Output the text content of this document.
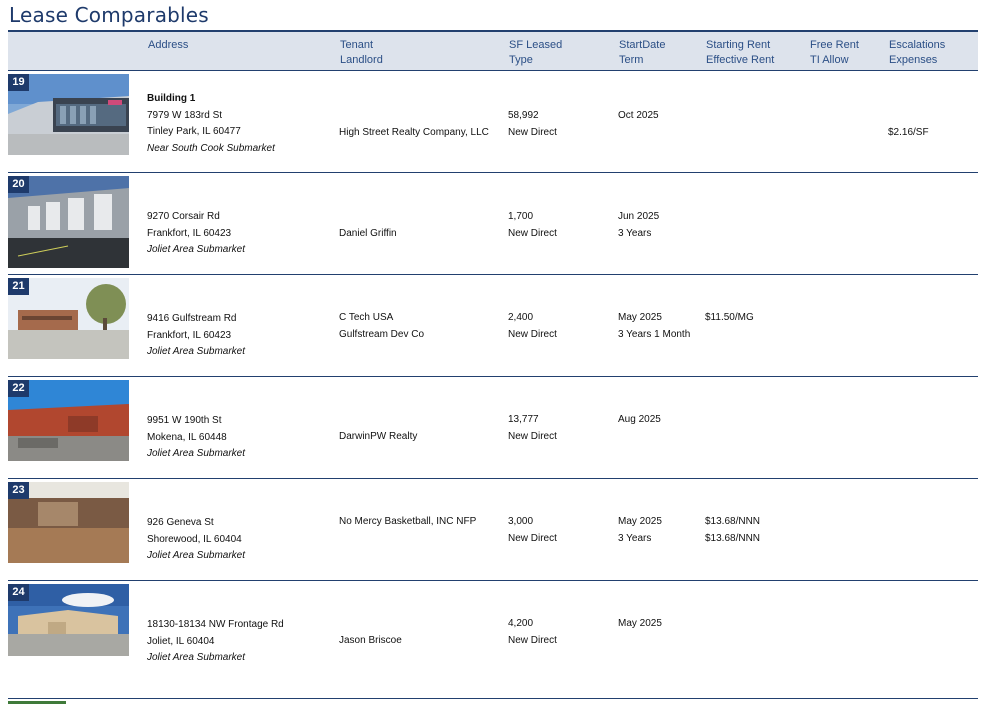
Lease Comparables
Address	Tenant
Landlord
SF Leased
Type
StartDate
Term
Starting Rent
Effective Rent
Free Rent
TI Allow
Escalations
Expenses
19
Building 1
7979 W 183rd St
Tinley Park, IL 60477
Near South Cook Submarket

High Street Realty Company, LLC
58,992
New Direct
Oct 2025

$2.16/SF
20
9270 Corsair Rd
Frankfort, IL 60423
Joliet Area Submarket

Daniel Griffin
1,700
New Direct
Jun 2025
3 Years
21
9416 Gulfstream Rd
Frankfort, IL 60423
Joliet Area Submarket
C Tech USA
Gulfstream Dev Co
2,400
New Direct
May 2025
3 Years 1 Month
$11.50/MG

22
9951 W 190th St
Mokena, IL 60448
Joliet Area Submarket

DarwinPW Realty
13,777
New Direct
Aug 2025
23
926 Geneva St
Shorewood, IL 60404
Joliet Area Submarket
No Mercy Basketball, INC NFP
	3,000
New Direct
May 2025
3 Years
$13.68/NNN
$13.68/NNN
24
18130-18134 NW Frontage Rd
Joliet, IL 60404
Joliet Area Submarket

Jason Briscoe
4,200
New Direct
May 2025
